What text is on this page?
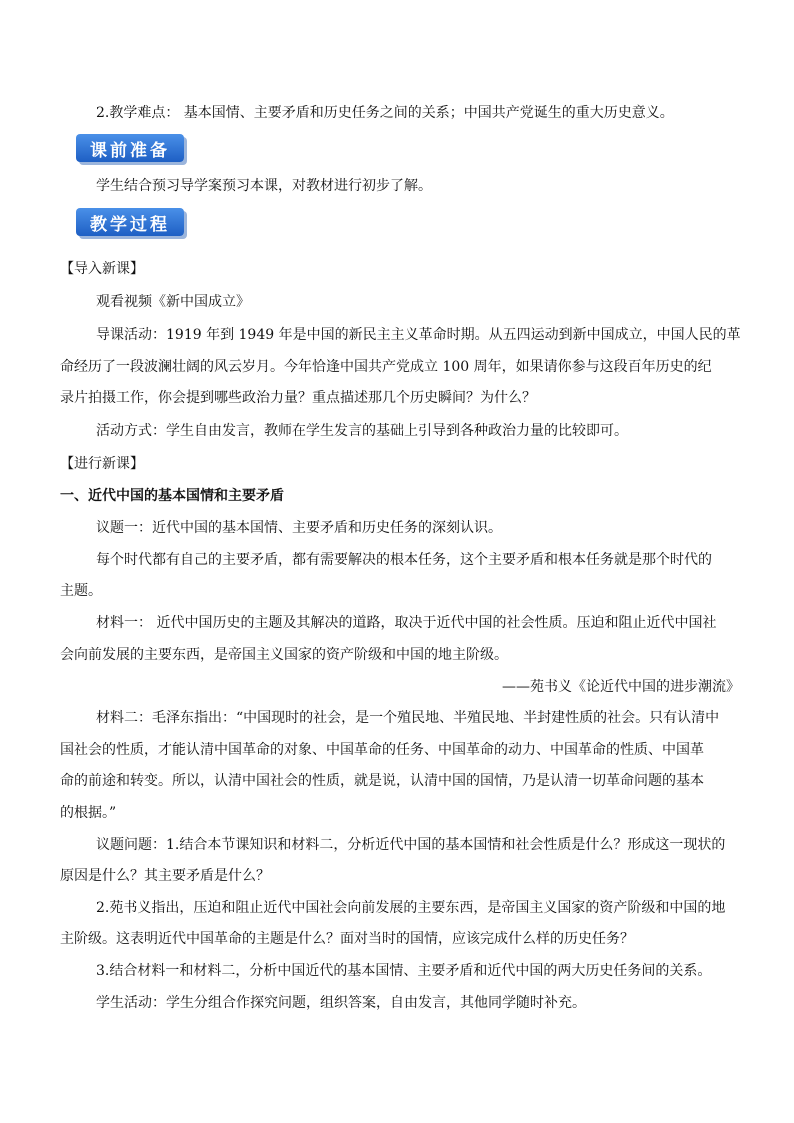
2.教学难点： 基本国情、主要矛盾和历史任务之间的关系；中国共产党诞生的重大历史意义。
课前准备
学生结合预习导学案预习本课，对教材进行初步了解。
教学过程
【导入新课】
观看视频《新中国成立》
导课活动：1919 年到 1949 年是中国的新民主主义革命时期。从五四运动到新中国成立，中国人民的革
命经历了一段波澜壮阔的风云岁月。今年恰逢中国共产党成立 100 周年，如果请你参与这段百年历史的纪
录片拍摄工作，你会提到哪些政治力量？重点描述那几个历史瞬间？为什么？
活动方式：学生自由发言，教师在学生发言的基础上引导到各种政治力量的比较即可。
【进行新课】
一、近代中国的基本国情和主要矛盾
议题一：近代中国的基本国情、主要矛盾和历史任务的深刻认识。
每个时代都有自己的主要矛盾，都有需要解决的根本任务，这个主要矛盾和根本任务就是那个时代的
主题。
材料一： 近代中国历史的主题及其解决的道路，取决于近代中国的社会性质。压迫和阻止近代中国社
会向前发展的主要东西，是帝国主义国家的资产阶级和中国的地主阶级。
——苑书义《论近代中国的进步潮流》
材料二：毛泽东指出：“中国现时的社会，是一个殖民地、半殖民地、半封建性质的社会。只有认清中
国社会的性质，才能认清中国革命的对象、中国革命的任务、中国革命的动力、中国革命的性质、中国革
命的前途和转变。所以，认清中国社会的性质，就是说，认清中国的国情，乃是认清一切革命问题的基本
的根据。”
议题问题：1.结合本节课知识和材料二，分析近代中国的基本国情和社会性质是什么？形成这一现状的
原因是什么？其主要矛盾是什么？
2.苑书义指出，压迫和阻止近代中国社会向前发展的主要东西，是帝国主义国家的资产阶级和中国的地
主阶级。这表明近代中国革命的主题是什么？面对当时的国情，应该完成什么样的历史任务？
3.结合材料一和材料二，分析中国近代的基本国情、主要矛盾和近代中国的两大历史任务间的关系。
学生活动：学生分组合作探究问题，组织答案，自由发言，其他同学随时补充。
